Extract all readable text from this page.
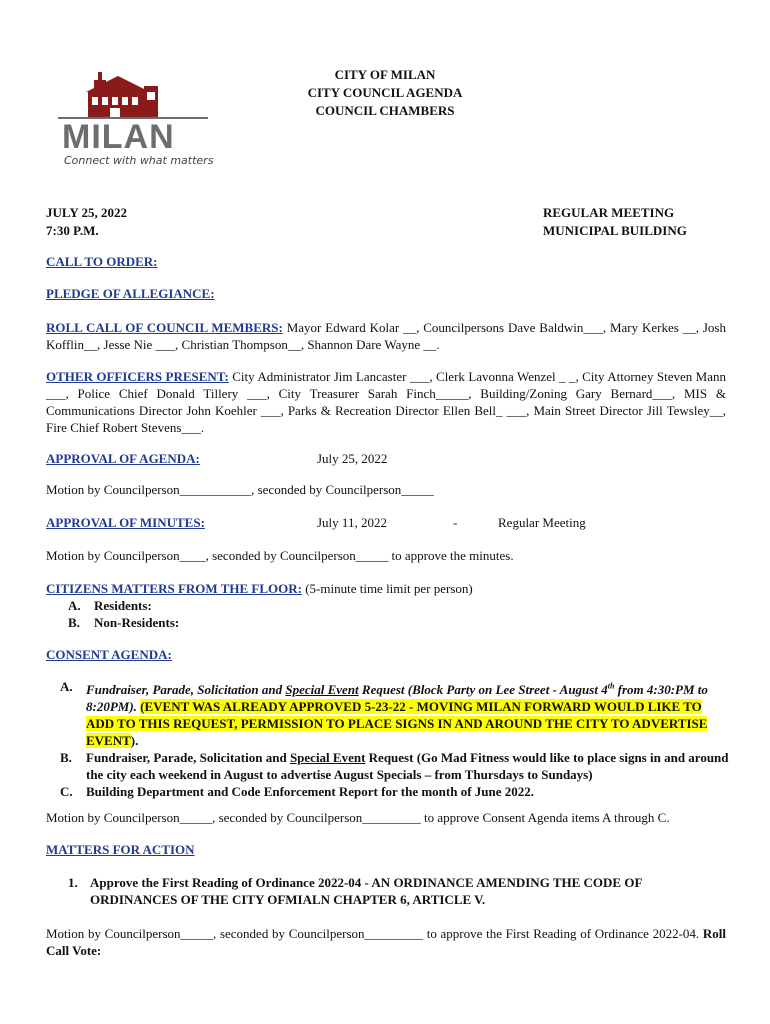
MILAN
Connect with what matters
CITY OF MILAN
CITY COUNCIL AGENDA
COUNCIL CHAMBERS
JULY 25, 2022
7:30 P.M.
REGULAR MEETING
MUNICIPAL BUILDING
CALL TO ORDER:
PLEDGE OF ALLEGIANCE:
ROLL CALL OF COUNCIL MEMBERS: Mayor Edward Kolar __, Councilpersons Dave Baldwin___, Mary Kerkes __, Josh Kofflin__, Jesse Nie ___, Christian Thompson__, Shannon Dare Wayne __.
OTHER OFFICERS PRESENT: City Administrator Jim Lancaster ___, Clerk Lavonna Wenzel _ _, City Attorney Steven Mann ___, Police Chief Donald Tillery ___, City Treasurer Sarah Finch_____, Building/Zoning Gary Bernard___, MIS & Communications Director John Koehler ___, Parks & Recreation Director Ellen Bell_ ___, Main Street Director Jill Tewsley__, Fire Chief Robert Stevens___.
APPROVAL OF AGENDA:	July 25, 2022
Motion by Councilperson___________, seconded by Councilperson_____
APPROVAL OF MINUTES:	July 11, 2022	-	Regular Meeting
Motion by Councilperson____, seconded by Councilperson_____ to approve the minutes.
CITIZENS MATTERS FROM THE FLOOR: (5-minute time limit per person)
A.	Residents:
B.	Non-Residents:
CONSENT AGENDA:
A.	Fundraiser, Parade, Solicitation and Special Event Request (Block Party on Lee Street - August 4th from 4:30:PM to 8:20PM). (EVENT WAS ALREADY APPROVED 5-23-22 - MOVING MILAN FORWARD WOULD LIKE TO ADD TO THIS REQUEST, PERMISSION TO PLACE SIGNS IN AND AROUND THE CITY TO ADVERTISE EVENT).
B.	Fundraiser, Parade, Solicitation and Special Event Request (Go Mad Fitness would like to place signs in and around the city each weekend in August to advertise August Specials – from Thursdays to Sundays)
C.	Building Department and Code Enforcement Report for the month of June 2022.
Motion by Councilperson_____, seconded by Councilperson_________ to approve Consent Agenda items A through C.
MATTERS FOR ACTION
1. Approve the First Reading of Ordinance 2022-04 - AN ORDINANCE AMENDING THE CODE OF ORDINANCES OF THE CITY OFMIALN CHAPTER 6, ARTICLE V.
Motion by Councilperson_____, seconded by Councilperson_________ to approve the First Reading of Ordinance 2022-04. Roll Call Vote:
